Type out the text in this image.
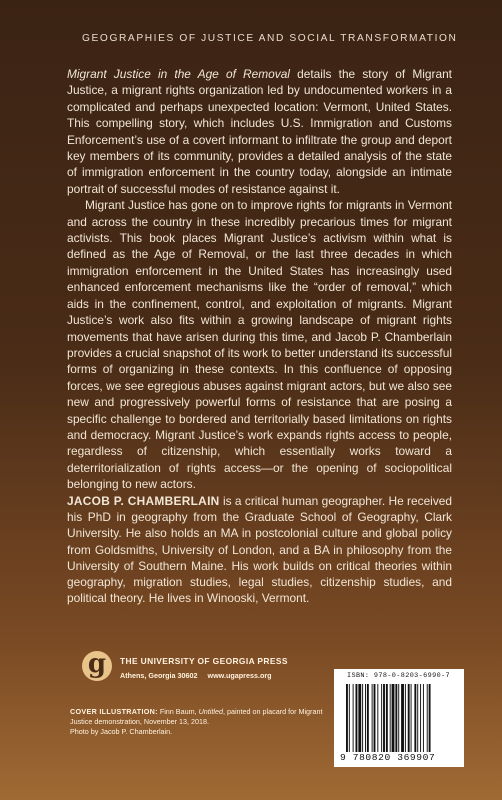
GEOGRAPHIES OF JUSTICE AND SOCIAL TRANSFORMATION

Migrant Justice in the Age of Removal details the story of Migrant Justice, a migrant rights organization led by undocumented workers in a complicated and perhaps unexpected location: Vermont, United States. This compelling story, which includes U.S. Immigration and Customs Enforcement’s use of a covert informant to infiltrate the group and deport key members of its community, provides a detailed analysis of the state of immigration enforcement in the country today, alongside an intimate portrait of successful modes of resistance against it.

Migrant Justice has gone on to improve rights for migrants in Vermont and across the country in these incredibly precarious times for migrant activists. This book places Migrant Justice’s activism within what is defined as the Age of Removal, or the last three decades in which immigration enforcement in the United States has increasingly used enhanced enforcement mechanisms like the “order of removal,” which aids in the confinement, control, and exploitation of migrants. Migrant Justice’s work also fits within a growing landscape of migrant rights movements that have arisen during this time, and Jacob P. Chamberlain provides a crucial snapshot of its work to better understand its successful forms of organizing in these contexts. In this confluence of opposing forces, we see egregious abuses against migrant actors, but we also see new and progressively powerful forms of resistance that are posing a specific challenge to bordered and territorially based limitations on rights and democracy. Migrant Justice’s work expands rights access to people, regardless of citizenship, which essentially works toward a deterritorialization of rights access—or the opening of sociopolitical belonging to new actors.

JACOB P. CHAMBERLAIN is a critical human geographer. He received his PhD in geography from the Graduate School of Geography, Clark University. He also holds an MA in postcolonial culture and global policy from Goldsmiths, University of London, and a BA in philosophy from the University of Southern Maine. His work builds on critical theories within geography, migration studies, legal studies, citizenship studies, and political theory. He lives in Winooski, Vermont.

g THE UNIVERSITY OF GEORGIA PRESS
Athens, Georgia 30602 www.ugapress.org

COVER ILLUSTRATION: Finn Baum, Untitled, painted on placard for Migrant Justice demonstration, November 13, 2018.

Photo by Jacob P. Chamberlain.

ISBN: 978-0-8203-6990-7
9 780820 369907
